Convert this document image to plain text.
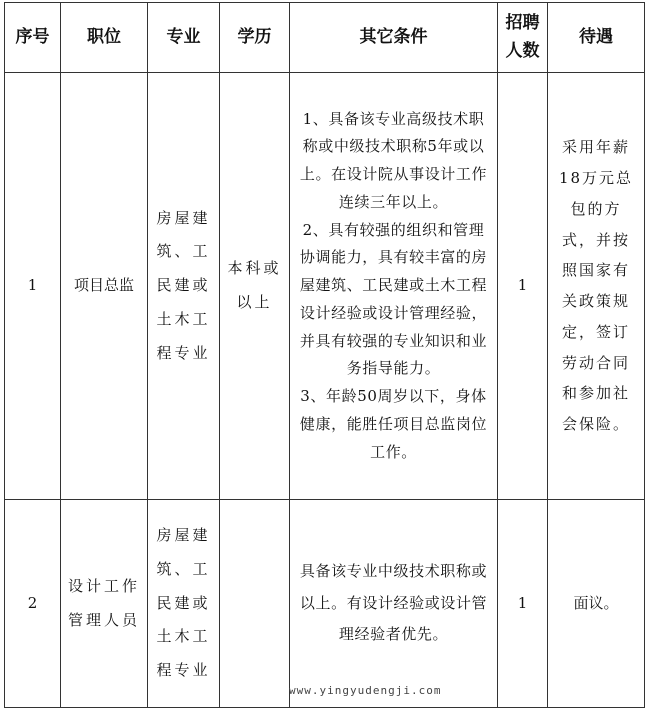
序号	职位	专业	学历	其它条件	招聘人数	待遇
1	项目总监	房屋建筑、工民建或土木工程专业	本科或以上	1、具备该专业高级技术职称或中级技术职称5年或以上。在设计院从事设计工作连续三年以上。
2、具有较强的组织和管理协调能力，具有较丰富的房屋建筑、工民建或土木工程设计经验或设计管理经验，并具有较强的专业知识和业务指导能力。
3、年龄50周岁以下，身体健康，能胜任项目总监岗位工作。	1	采用年薪18万元总包的方式，并按照国家有关政策规定，签订劳动合同和参加社会保险。
2	设计工作管理人员	房屋建筑、工民建或土木工程专业		具备该专业中级技术职称或以上。有设计经验或设计管理经验者优先。	1	面议。
www.yingyudengji.com
